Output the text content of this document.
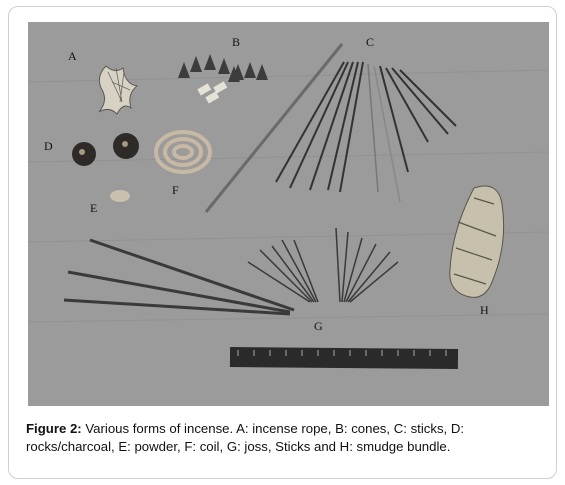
A
B	C
D
E
F
G
H
Figure 2: Various forms of incense. A: incense rope, B: cones, C: sticks, D: rocks/charcoal, E: powder, F: coil, G: joss, Sticks and H: smudge bundle.
